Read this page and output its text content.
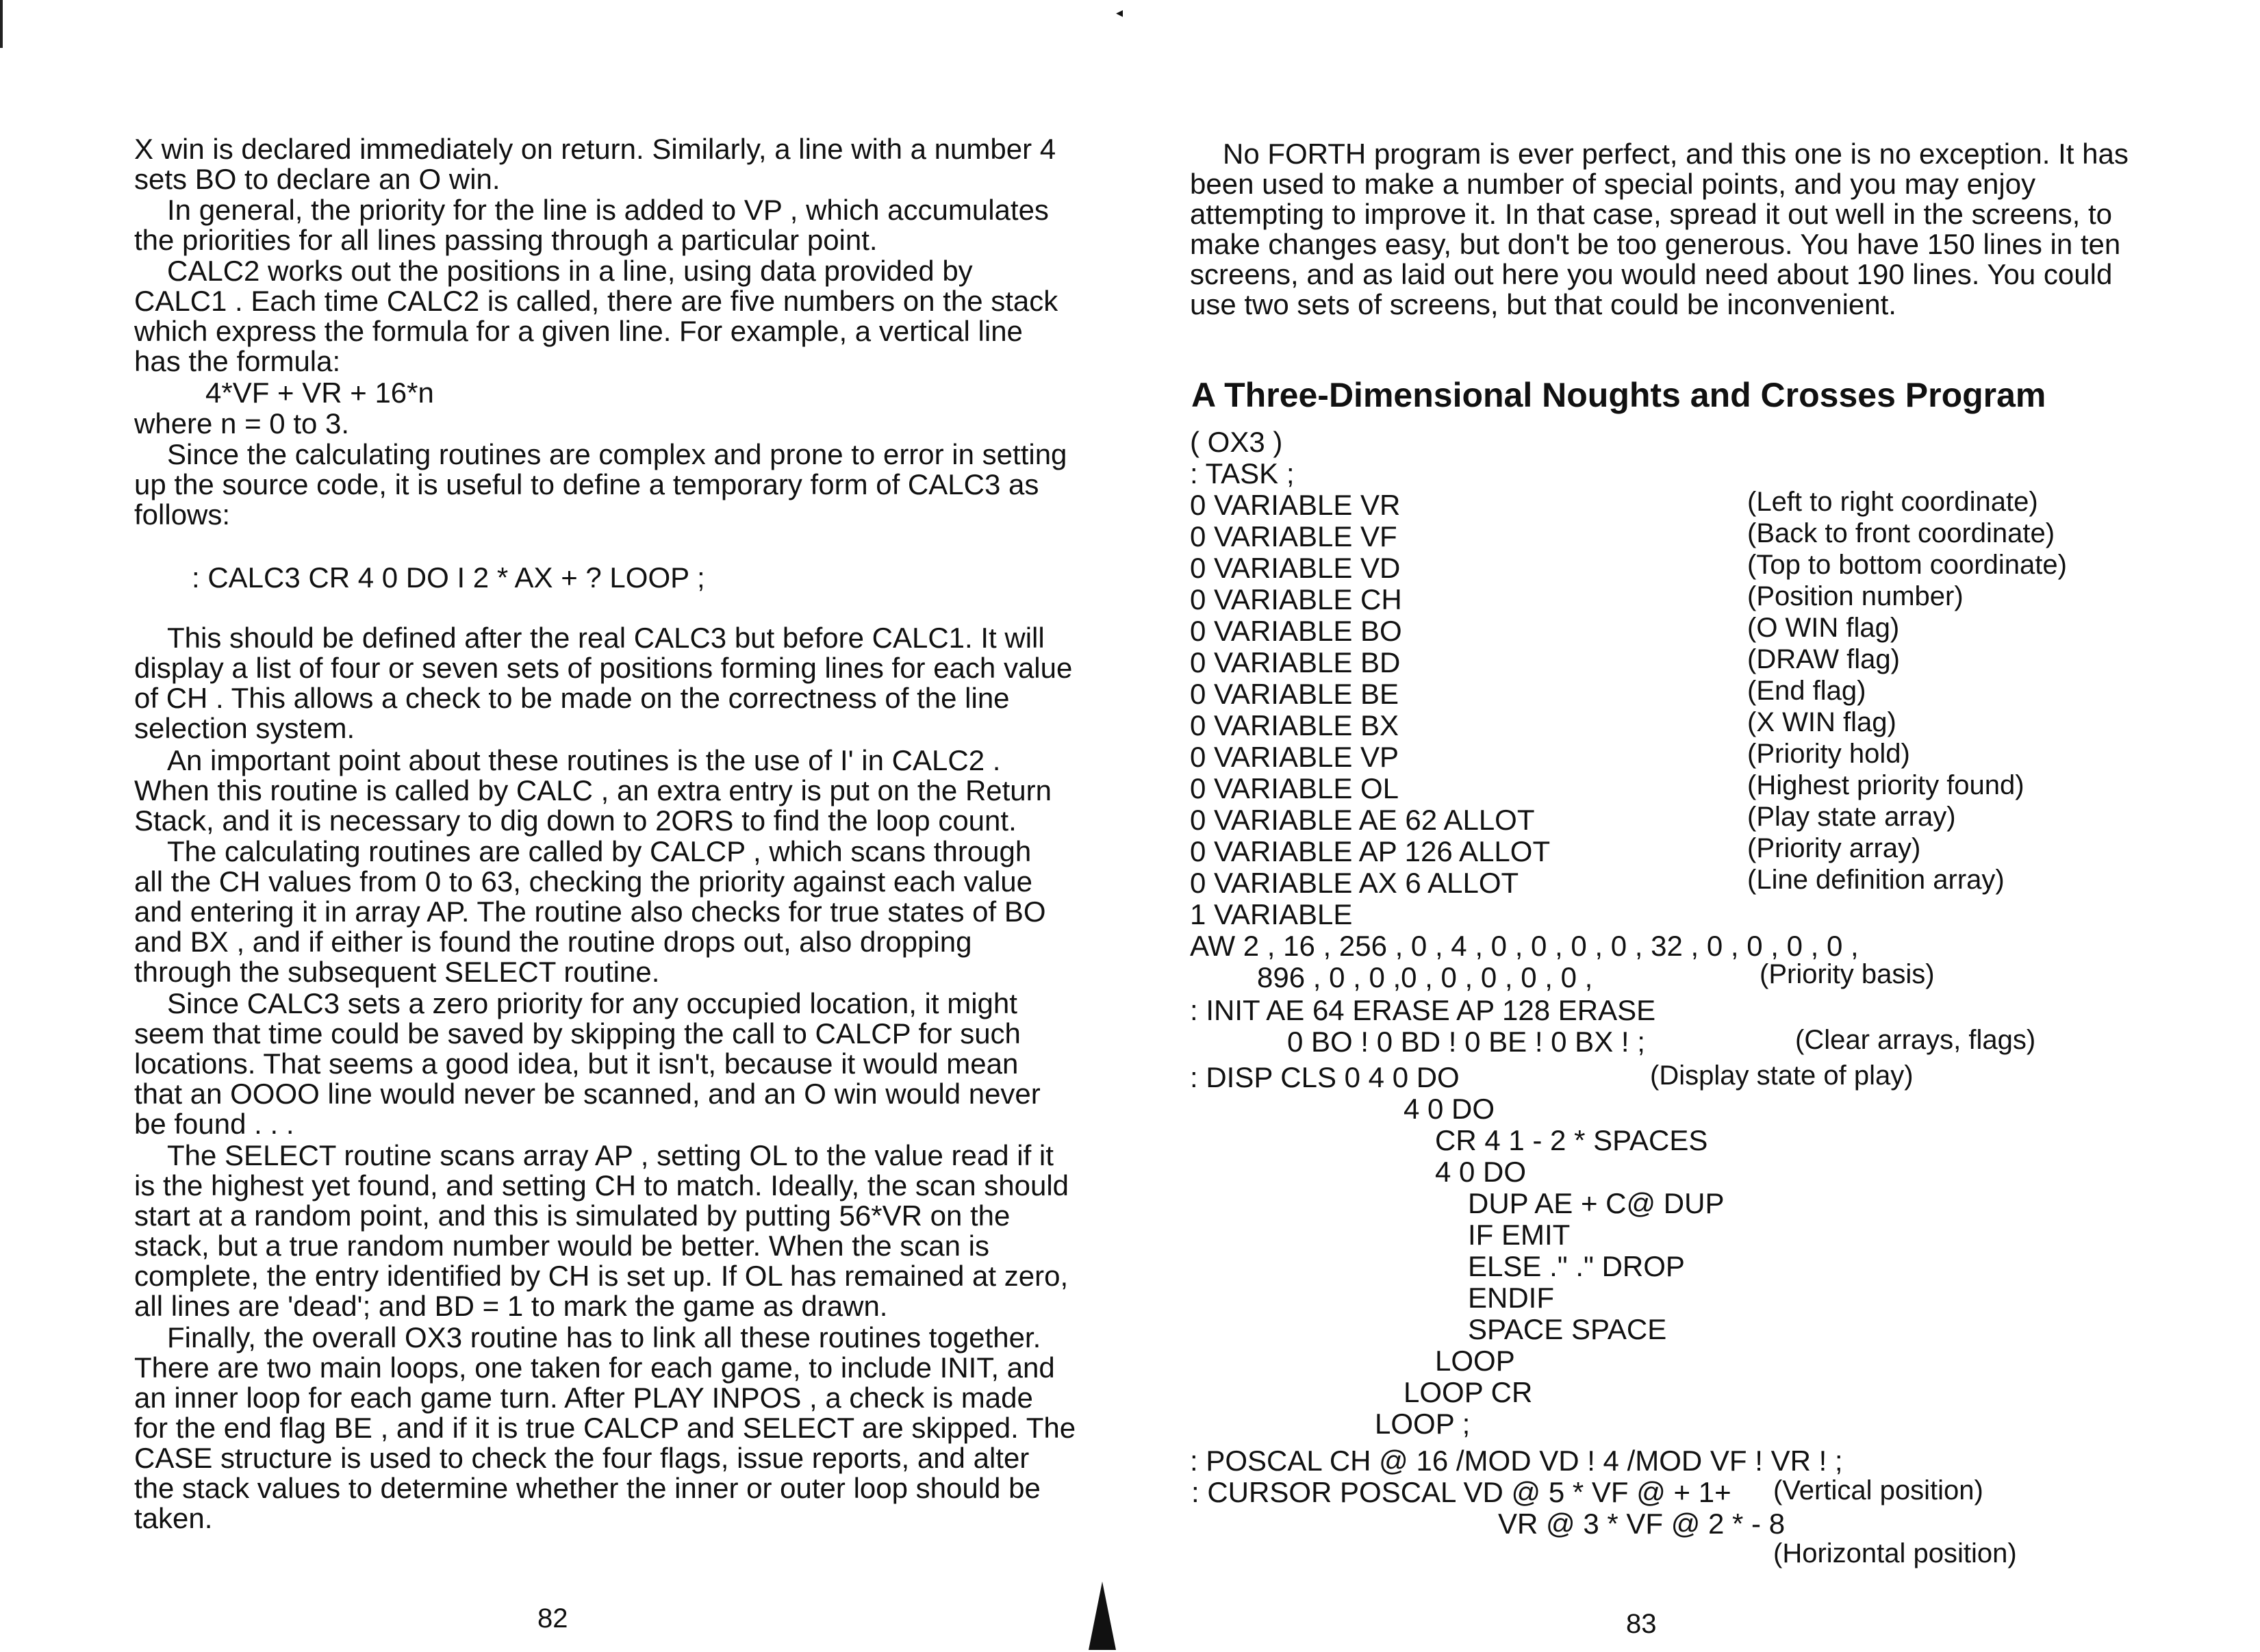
◂

X win is declared immediately on return. Similarly, a line with a number 4
sets BO to declare an O win.

In general, the priority for the line is added to VP , which accumulates
the priorities for all lines passing through a particular point.

CALC2 works out the positions in a line, using data provided by
CALC1 . Each time CALC2 is called, there are five numbers on the stack
which express the formula for a given line. For example, a vertical line
has the formula:

4*VF + VR + 16*n

where n = 0 to 3.

Since the calculating routines are complex and prone to error in setting
up the source code, it is useful to define a temporary form of CALC3 as
follows:

: CALC3 CR 4 0 DO I 2 * AX + ? LOOP ;

This should be defined after the real CALC3 but before CALC1. It will
display a list of four or seven sets of positions forming lines for each value
of CH . This allows a check to be made on the correctness of the line
selection system.

An important point about these routines is the use of I' in CALC2 .
When this routine is called by CALC , an extra entry is put on the Return
Stack, and it is necessary to dig down to 2ORS to find the loop count.

The calculating routines are called by CALCP , which scans through
all the CH values from 0 to 63, checking the priority against each value
and entering it in array AP. The routine also checks for true states of BO
and BX , and if either is found the routine drops out, also dropping
through the subsequent SELECT routine.

Since CALC3 sets a zero priority for any occupied location, it might
seem that time could be saved by skipping the call to CALCP for such
locations. That seems a good idea, but it isn't, because it would mean
that an OOOO line would never be scanned, and an O win would never
be found . . .

The SELECT routine scans array AP , setting OL to the value read if it
is the highest yet found, and setting CH to match. Ideally, the scan should
start at a random point, and this is simulated by putting 56*VR on the
stack, but a true random number would be better. When the scan is
complete, the entry identified by CH is set up. If OL has remained at zero,
all lines are 'dead'; and BD = 1 to mark the game as drawn.

Finally, the overall OX3 routine has to link all these routines together.
There are two main loops, one taken for each game, to include INIT, and
an inner loop for each game turn. After PLAY INPOS , a check is made
for the end flag BE , and if it is true CALCP and SELECT are skipped. The
CASE structure is used to check the four flags, issue reports, and alter
the stack values to determine whether the inner or outer loop should be
taken.

82

No FORTH program is ever perfect, and this one is no exception. It has
been used to make a number of special points, and you may enjoy
attempting to improve it. In that case, spread it out well in the screens, to
make changes easy, but don't be too generous. You have 150 lines in ten
screens, and as laid out here you would need about 190 lines. You could
use two sets of screens, but that could be inconvenient.

A Three-Dimensional Noughts and Crosses Program
( OX3 )
: TASK ;
0 VARIABLE VR
0 VARIABLE VF
0 VARIABLE VD
0 VARIABLE CH
0 VARIABLE BO
0 VARIABLE BD
0 VARIABLE BE
0 VARIABLE BX
0 VARIABLE VP
0 VARIABLE OL
0 VARIABLE AE 62 ALLOT
0 VARIABLE AP 126 ALLOT
0 VARIABLE AX 6 ALLOT
1 VARIABLE
AW 2 , 16 , 256 , 0 , 4 , 0 , 0 , 0 , 0 , 32 , 0 , 0 , 0 , 0 ,
896 , 0 , 0 ,0 , 0 , 0 , 0 , 0 ,
: INIT AE 64 ERASE AP 128 ERASE
0 BO ! 0 BD ! 0 BE ! 0 BX ! ;
: DISP CLS 0 4 0 DO
4 0 DO
CR 4 1 - 2 * SPACES
4 0 DO
DUP AE + C@ DUP
IF EMIT
ELSE ." ." DROP
ENDIF
SPACE SPACE
LOOP
LOOP CR
LOOP ;
: POSCAL CH @ 16 /MOD VD ! 4 /MOD VF ! VR ! ;
: CURSOR POSCAL VD @ 5 * VF @ + 1+
VR @ 3 * VF @ 2 * - 8
(Left to right coordinate)
(Back to front coordinate)
(Top to bottom coordinate)
(Position number)
(O WIN flag)
(DRAW flag)
(End flag)
(X WIN flag)
(Priority hold)
(Highest priority found)
(Play state array)
(Priority array)
(Line definition array)
(Priority basis)
(Clear arrays, flags)
(Display state of play)
(Vertical position)
(Horizontal position)
83
